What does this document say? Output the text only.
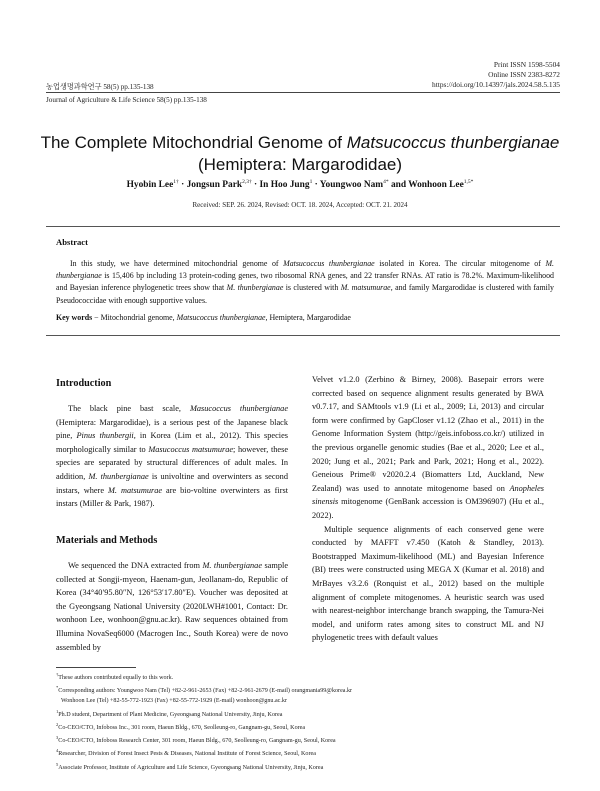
Print ISSN 1598-5504
Online ISSN 2383-8272
https://doi.org/10.14397/jals.2024.58.5.135
농업생명과학연구 58(5) pp.135-138
Journal of Agriculture & Life Science 58(5) pp.135-138
The Complete Mitochondrial Genome of Matsucoccus thunbergianae
(Hemiptera: Margarodidae)
Hyobin Lee$^{1\dagger}$ · Jongsun Park$^{2,3\dagger}$ · In Hoo Jung$^1$ · Youngwoo Nam$^{4*}$ and Wonhoon Lee$^{1,5*}$
Received: SEP. 26. 2024, Revised: OCT. 18. 2024, Accepted: OCT. 21. 2024
Abstract
In this study, we have determined mitochondrial genome of Matsucoccus thunbergianae isolated in Korea. The circular mitogenome of M. thunbergianae is 15,406 bp including 13 protein-coding genes, two ribosomal RNA genes, and 22 transfer RNAs. AT ratio is 78.2%. Maximum-likelihood and Bayesian inference phylogenetic trees show that M. thunbergianae is clustered with M. matsumurae, and family Margarodidae is clustered with family Pseudococcidae with enough supportive values.
Key words − Mitochondrial genome, Matsucoccus thunbergianae, Hemiptera, Margarodidae
Introduction

The black pine bast scale, Masucoccus thunbergianae (Hemiptera: Margarodidae), is a serious pest of the Japanese black pine, Pinus thunbergii, in Korea (Lim et al., 2012). This species morphologically similar to Masucoccus matsumurae; however, these species are separated by structural differences of adult males. In addition, M. thunbergianae is univoltine and overwinters as second instars, where M. matsumurae are bio-voltine overwinters as first instars (Miller & Park, 1987).

Materials and Methods

We sequenced the DNA extracted from M. thunbergianae sample collected at Songji-myeon, Haenam-gun, Jeollanam-do, Republic of Korea (34°40′95.80″N, 126°53′17.80″E). Voucher was deposited at the Gyeongsang National University (2020LWH#1001, Contact: Dr. wonhoon Lee, wonhoon@gnu.ac.kr). Raw sequences obtained from Illumina NovaSeq6000 (Macrogen Inc., South Korea) were de novo assembled by

Velvet v1.2.0 (Zerbino & Birney, 2008). Basepair errors were corrected based on sequence alignment results generated by BWA v0.7.17, and SAMtools v1.9 (Li et al., 2009; Li, 2013) and circular form were confirmed by GapCloser v1.12 (Zhao et al., 2011) in the Genome Information System (http://geis.infoboss.co.kr/) utilized in the previous organelle genomic studies (Bae et al., 2020; Lee et al., 2020; Jung et al., 2021; Park and Park, 2021; Hong et al., 2022). Geneious Prime® v2020.2.4 (Biomatters Ltd, Auckland, New Zealand) was used to annotate mitogenome based on Anopheles sinensis mitogenome (GenBank accession is OM396907) (Hu et al., 2022).

Multiple sequence alignments of each conserved gene were conducted by MAFFT v7.450 (Katoh & Standley, 2013). Bootstrapped Maximum-likelihood (ML) and Bayesian Inference (BI) trees were constructed using MEGA X (Kumar et al. 2018) and MrBayes v3.2.6 (Ronquist et al., 2012) based on the multiple alignment of complete mitogenomes. A heuristic search was used with nearest-neighbor interchange branch swapping, the Tamura-Nei model, and uniform rates among sites to construct ML and NJ phylogenetic trees with default values

†These authors contributed equally to this work.
*Corresponding authors: Youngwoo Nam (Tel) +82-2-961-2653 (Fax) +82-2-961-2679 (E-mail) orangmania99@korea.kr
Wonhoon Lee (Tel) +82-55-772-1923 (Fax) +82-55-772-1929 (E-mail) wonhoon@gnu.ac.kr
$^1$Ph.D student, Department of Plant Medicine, Gyeongsang National University, Jinju, Korea
$^2$Co-CEO/CTO, Infoboss Inc., 301 room, Haeun Bldg., 670, Seolleung-ro, Gangnam-gu, Seoul, Korea
$^3$Co-CEO/CTO, Infoboss Research Center, 301 room, Haeun Bldg., 670, Seolleung-ro, Gangnam-gu, Seoul, Korea
$^4$Researcher, Division of Forest Insect Pests & Diseases, National Institute of Forest Science, Seoul, Korea
$^5$Associate Professor, Institute of Agriculture and Life Science, Gyeongsang National University, Jinju, Korea
